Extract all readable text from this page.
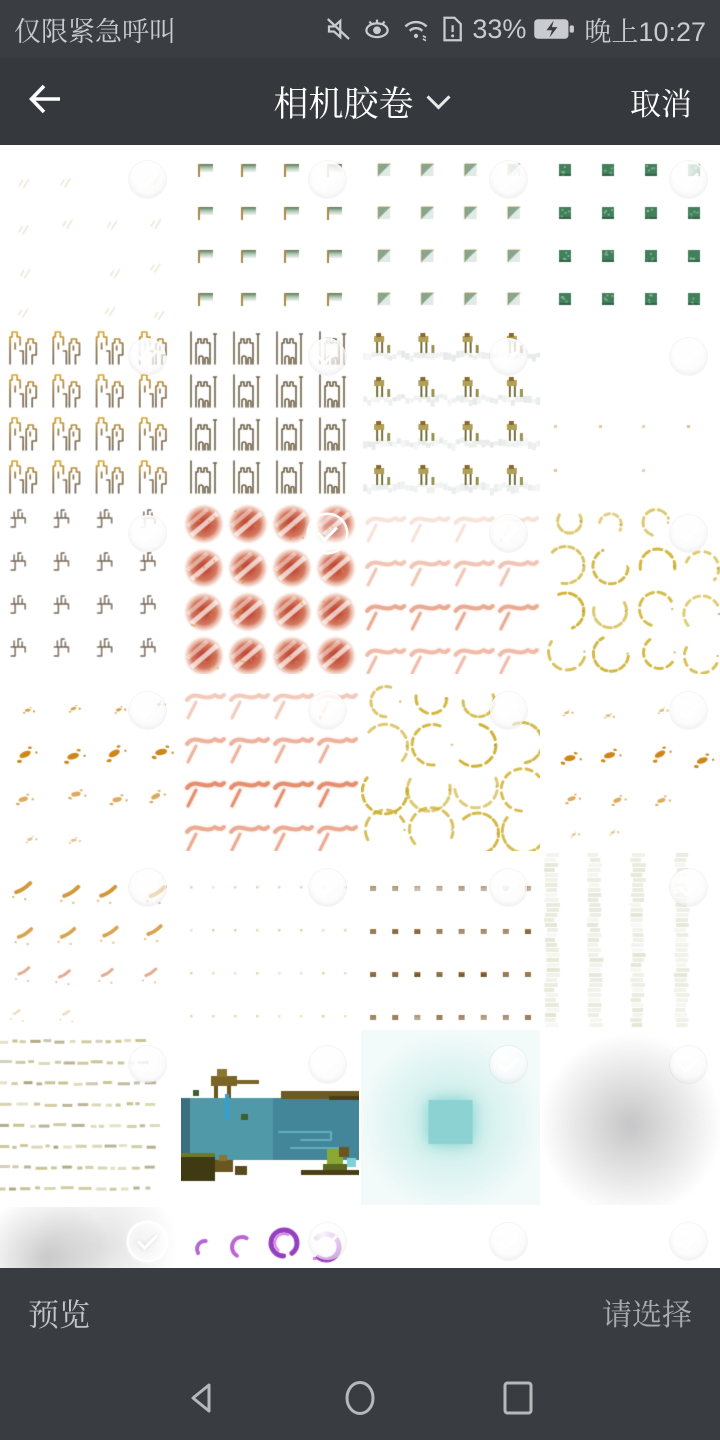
仅限紧急呼叫	33% 晚上10:27
相机胶卷	取消
预览	请选择
